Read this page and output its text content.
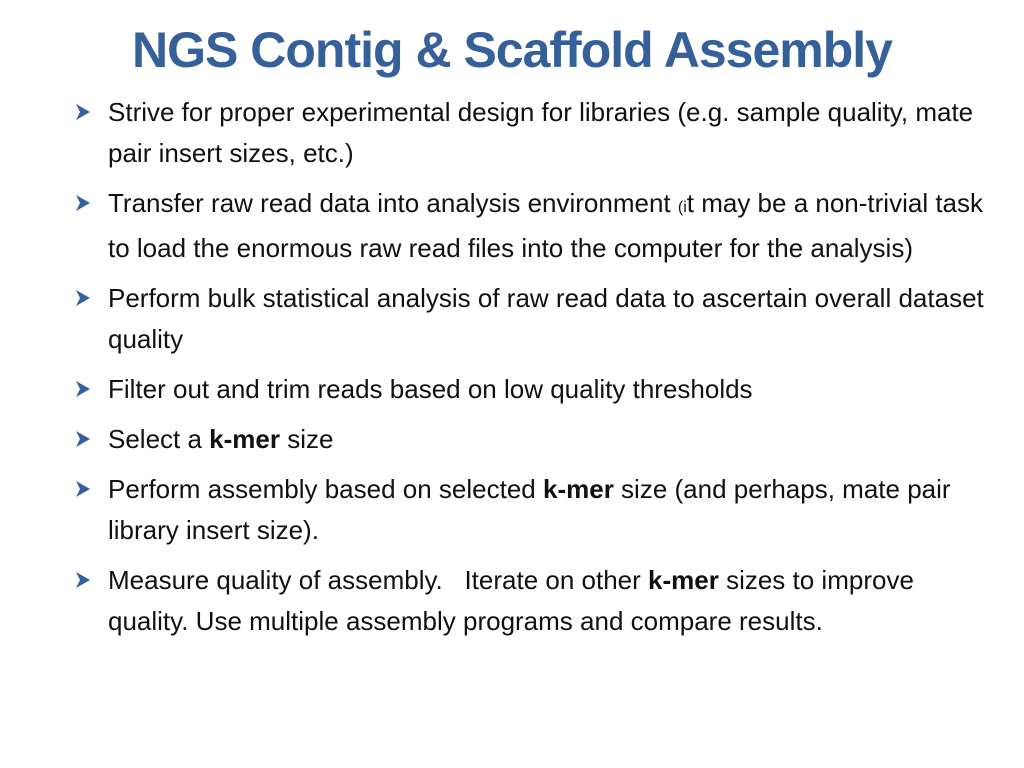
NGS Contig & Scaffold Assembly
Strive for proper experimental design for libraries (e.g. sample quality, mate pair insert sizes, etc.)
Transfer raw read data into analysis environment (it may be a non-trivial task to load the enormous raw read files into the computer for the analysis)
Perform bulk statistical analysis of raw read data to ascertain overall dataset quality
Filter out and trim reads based on low quality thresholds
Select a k-mer size
Perform assembly based on selected k-mer size (and perhaps, mate pair library insert size).
Measure quality of assembly.   Iterate on other k-mer sizes to improve quality. Use multiple assembly programs and compare results.
